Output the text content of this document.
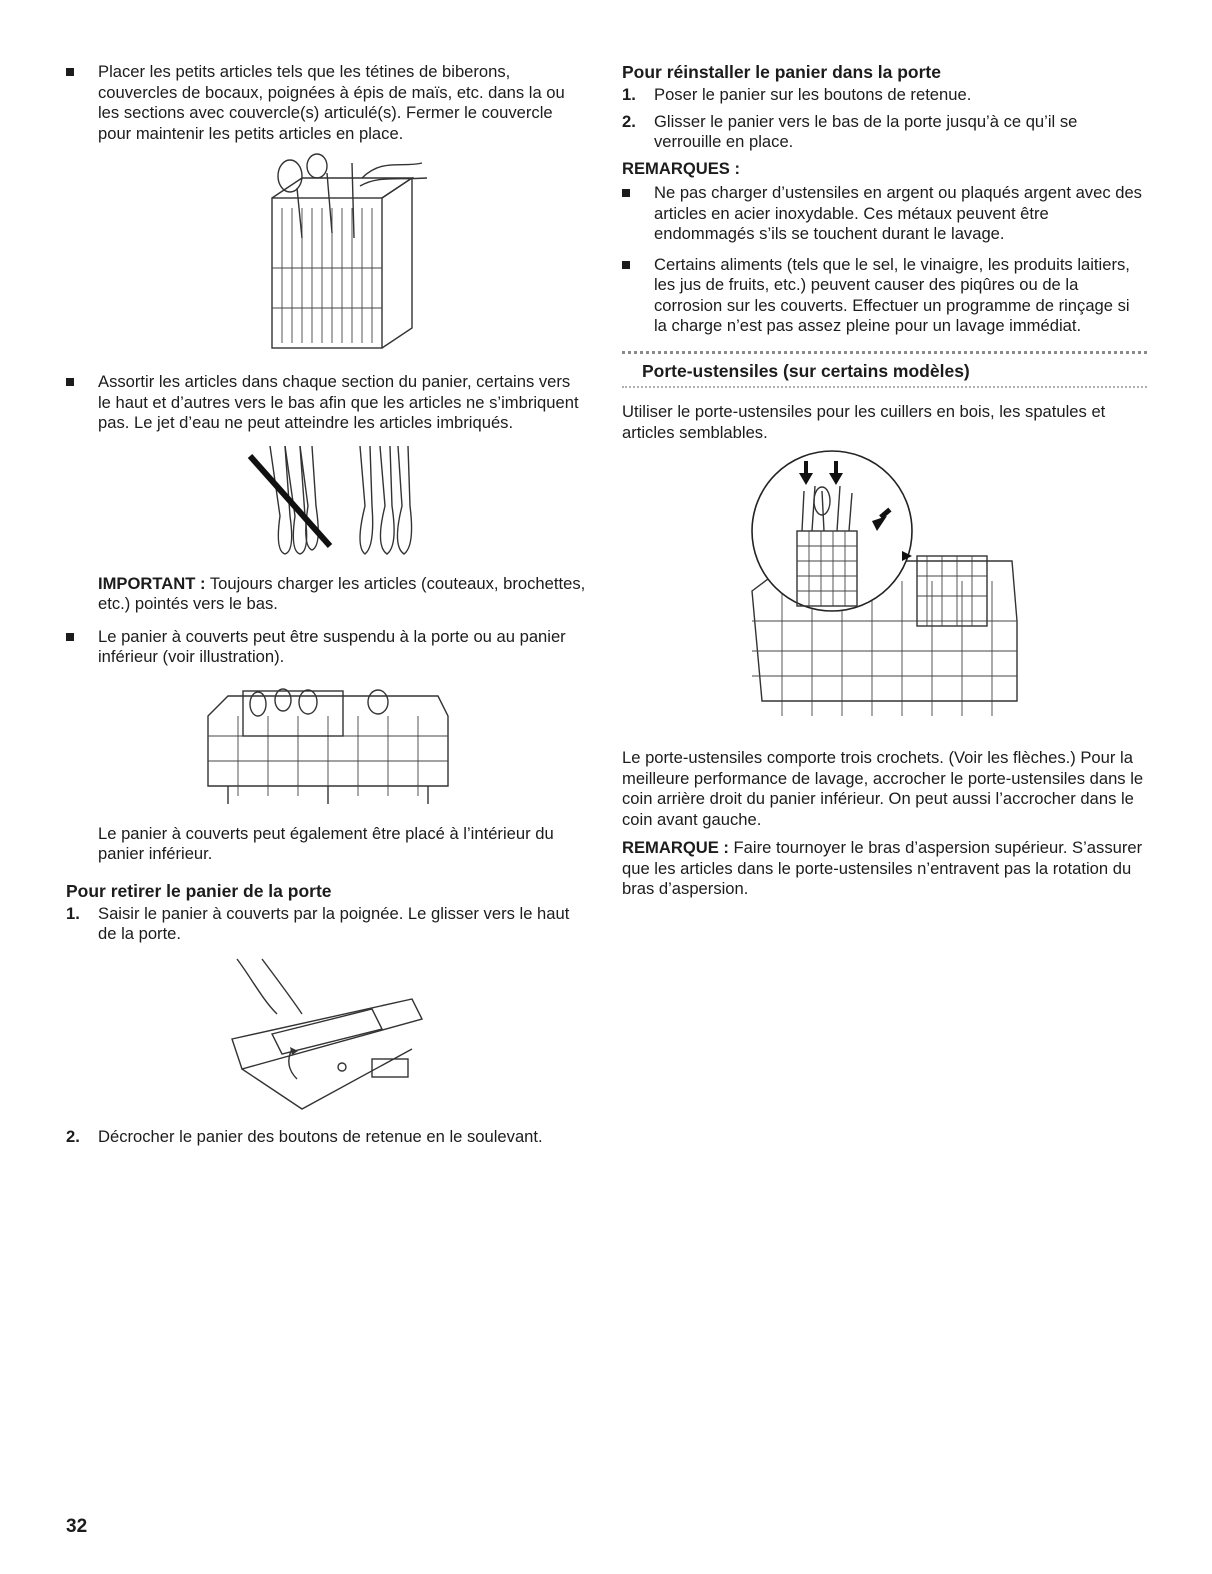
Placer les petits articles tels que les tétines de biberons, couvercles de bocaux, poignées à épis de maïs, etc. dans la ou les sections avec couvercle(s) articulé(s). Fermer le couvercle pour maintenir les petits articles en place.

Assortir les articles dans chaque section du panier, certains vers le haut et d’autres vers le bas afin que les articles ne s’imbriquent pas. Le jet d’eau ne peut atteindre les articles imbriqués.

IMPORTANT : Toujours charger les articles (couteaux, brochettes, etc.) pointés vers le bas.

Le panier à couverts peut être suspendu à la porte ou au panier inférieur (voir illustration).

Le panier à couverts peut également être placé à l’intérieur du panier inférieur.

Pour retirer le panier de la porte

1. Saisir le panier à couverts par la poignée. Le glisser vers le haut de la porte.

2. Décrocher le panier des boutons de retenue en le soulevant.

Pour réinstaller le panier dans la porte

1. Poser le panier sur les boutons de retenue.

2. Glisser le panier vers le bas de la porte jusqu’à ce qu’il se verrouille en place.

REMARQUES :

Ne pas charger d’ustensiles en argent ou plaqués argent avec des articles en acier inoxydable. Ces métaux peuvent être endommagés s’ils se touchent durant le lavage.

Certains aliments (tels que le sel, le vinaigre, les produits laitiers, les jus de fruits, etc.) peuvent causer des piqûres ou de la corrosion sur les couverts. Effectuer un programme de rinçage si la charge n’est pas assez pleine pour un lavage immédiat.

Porte-ustensiles (sur certains modèles)

Utiliser le porte-ustensiles pour les cuillers en bois, les spatules et articles semblables.

Le porte-ustensiles comporte trois crochets. (Voir les flèches.) Pour la meilleure performance de lavage, accrocher le porte-ustensiles dans le coin arrière droit du panier inférieur. On peut aussi l’accrocher dans le coin avant gauche.

REMARQUE : Faire tournoyer le bras d’aspersion supérieur. S’assurer que les articles dans le porte-ustensiles n’entravent pas la rotation du bras d’aspersion.

32
